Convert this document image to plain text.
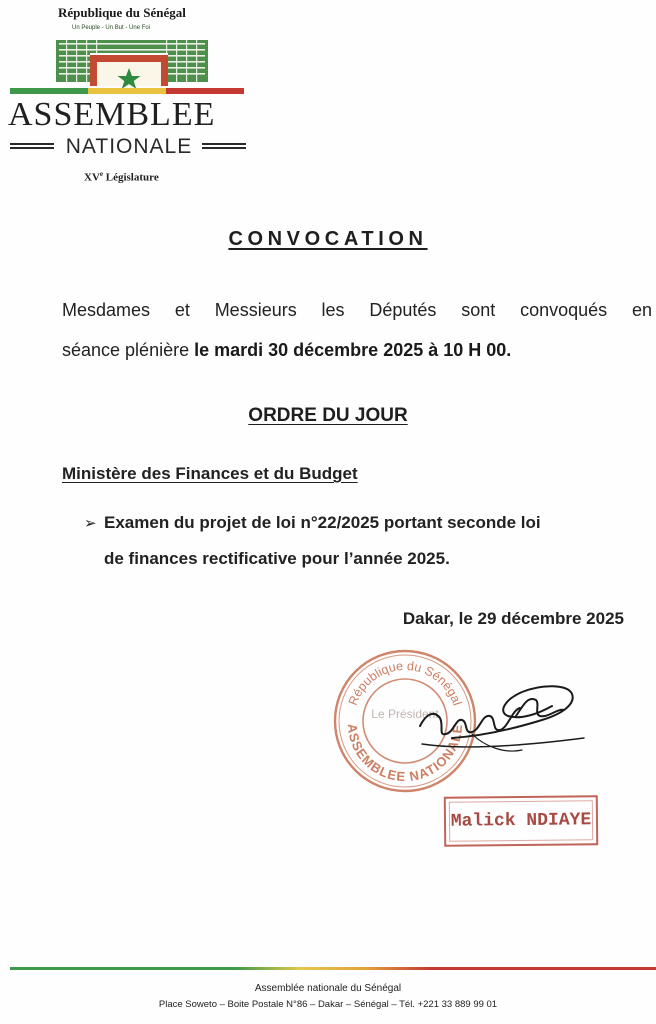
République du Sénégal
Un Peuple - Un But - Une Foi
ASSEMBLEE
NATIONALE
XVe Législature
CONVOCATION
Mesdames et Messieurs les Députés sont convoqués en
séance plénière le mardi 30 décembre 2025 à 10 H 00.
ORDRE DU JOUR
Ministère des Finances et du Budget
➢ Examen du projet de loi n°22/2025 portant seconde loi
de finances rectificative pour l’année 2025.
Dakar, le 29 décembre 2025
République du Sénégal
ASSEMBLEE NATIONALE
Le Président
Malick NDIAYE
Assemblée nationale du Sénégal
Place Soweto – Boite Postale N°86 – Dakar – Sénégal – Tél. +221 33 889 99 01
